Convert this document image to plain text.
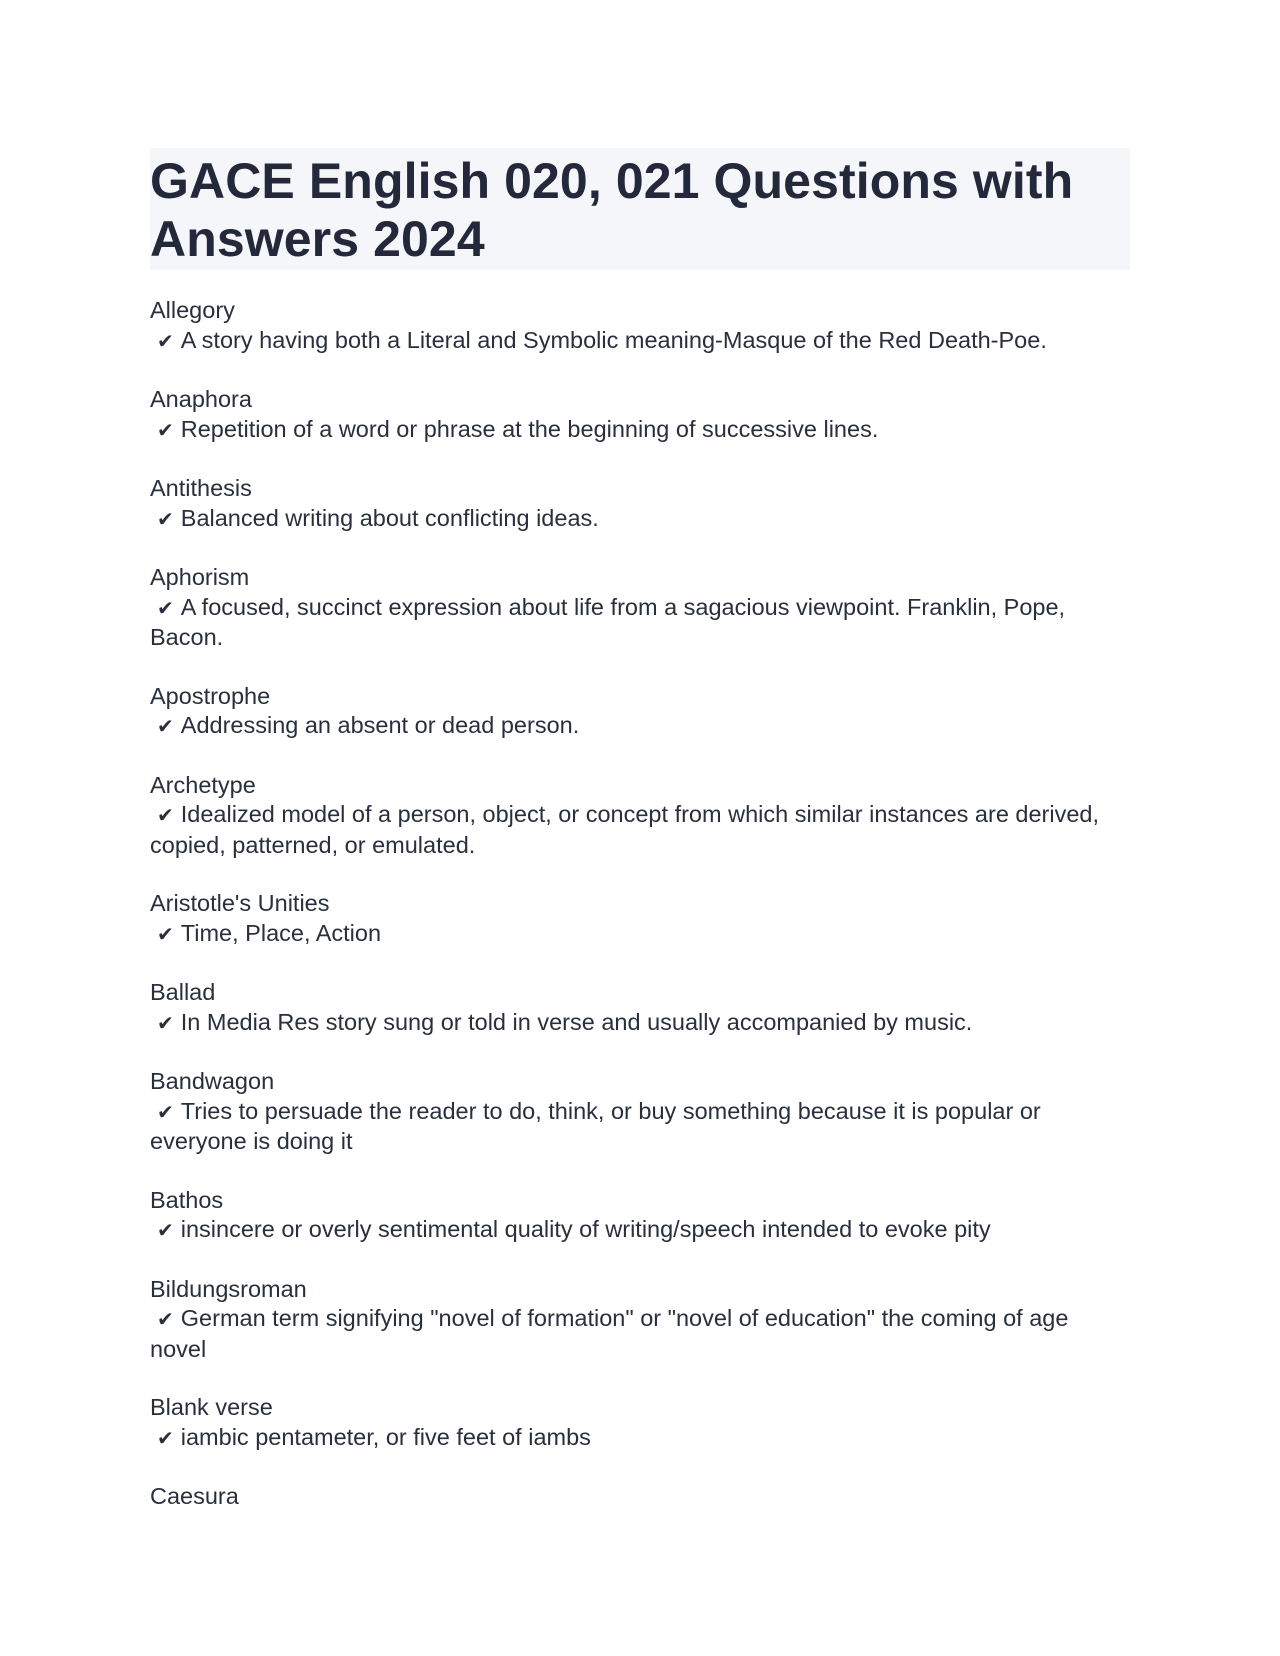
GACE English 020, 021 Questions with Answers 2024
Allegory
✔ A story having both a Literal and Symbolic meaning-Masque of the Red Death-Poe.
Anaphora
✔ Repetition of a word or phrase at the beginning of successive lines.
Antithesis
✔ Balanced writing about conflicting ideas.
Aphorism
✔ A focused, succinct expression about life from a sagacious viewpoint. Franklin, Pope, Bacon.
Apostrophe
✔ Addressing an absent or dead person.
Archetype
✔ Idealized model of a person, object, or concept from which similar instances are derived, copied, patterned, or emulated.
Aristotle's Unities
✔ Time, Place, Action
Ballad
✔ In Media Res story sung or told in verse and usually accompanied by music.
Bandwagon
✔ Tries to persuade the reader to do, think, or buy something because it is popular or everyone is doing it
Bathos
✔ insincere or overly sentimental quality of writing/speech intended to evoke pity
Bildungsroman
✔ German term signifying "novel of formation" or "novel of education" the coming of age novel
Blank verse
✔ iambic pentameter, or five feet of iambs
Caesura
